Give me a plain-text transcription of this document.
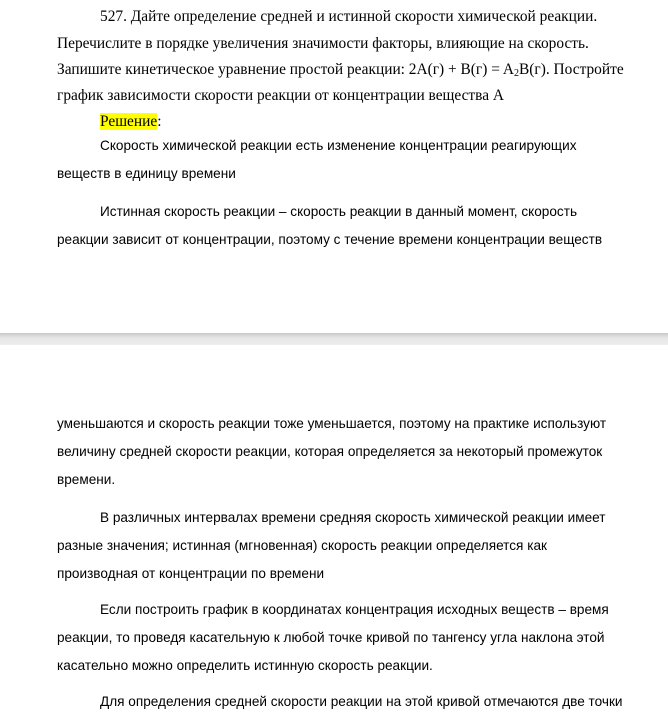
527. Дайте определение средней и истинной скорости химической реакции.
Перечислите в порядке увеличения значимости факторы, влияющие на скорость.
Запишите кинетическое уравнение простой реакции: $2A(г) + B(г) = A_2B(г)$. Постройте
график зависимости скорости реакции от концентрации вещества А
Решение:
Скорость химической реакции есть изменение концентрации реагирующих
веществ в единицу времени
Истинная скорость реакции – скорость реакции в данный момент, скорость
реакции зависит от концентрации, поэтому с течение времени концентрации веществ
уменьшаются и скорость реакции тоже уменьшается, поэтому на практике используют
величину средней скорости реакции, которая определяется за некоторый промежуток
времени.
В различных интервалах времени средняя скорость химической реакции имеет
разные значения; истинная (мгновенная) скорость реакции определяется как
производная от концентрации по времени
Если построить график в координатах концентрация исходных веществ – время
реакции, то проведя касательную к любой точке кривой по тангенсу угла наклона этой
касательно можно определить истинную скорость реакции.
Для определения средней скорости реакции на этой кривой отмечаются две точки
